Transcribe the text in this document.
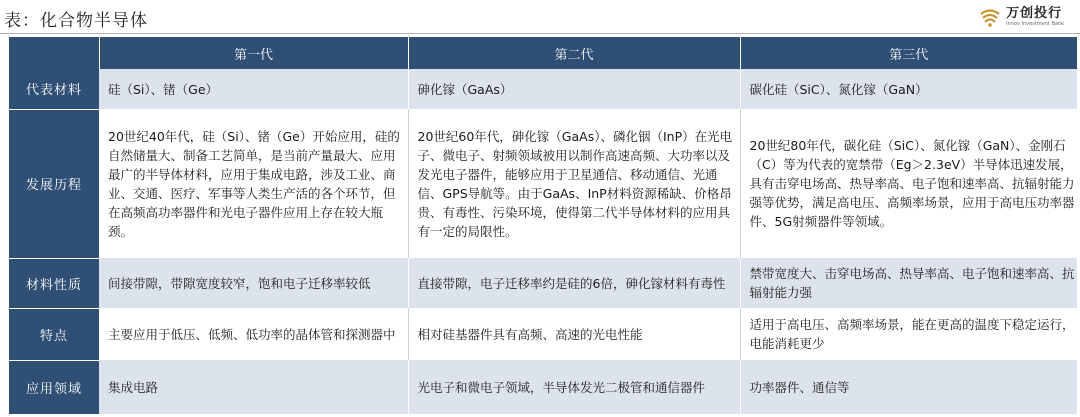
表：化合物半导体	万创投行
Innov Investment Bank
	第一代	第二代	第三代
代表材料	硅（Si）、锗（Ge）	砷化镓（GaAs）	碳化硅（SiC）、氮化镓（GaN）

发展历程	20世纪40年代，硅（Si）、锗（Ge）开始应用，硅的自然储量大、制备工艺简单，是当前产量最大、应用最广的半导体材料，应用于集成电路，涉及工业、商业、交通、医疗、军事等人类生产活的各个环节，但在高频高功率器件和光电子器件应用上存在较大瓶颈。	20世纪60年代，砷化镓（GaAs）、磷化铟（InP）在光电子、微电子、射频领域被用以制作高速高频、大功率以及发光电子器件，能够应用于卫星通信、移动通信、光通信、GPS导航等。由于GaAs、InP材料资源稀缺、价格昂贵、有毒性、污染环境，使得第二代半导体材料的应用具有一定的局限性。	20世纪80年代，碳化硅（SiC）、氮化镓（GaN）、金刚石（C）等为代表的宽禁带（Eg＞2.3eV）半导体迅速发展，具有击穿电场高、热导率高、电子饱和速率高、抗辐射能力强等优势，满足高电压、高频率场景，应用于高电压功率器件、5G射频器件等领域。

材料性质	间接带隙，带隙宽度较窄，饱和电子迁移率较低	直接带隙，电子迁移率约是硅的6倍，砷化镓材料有毒性	禁带宽度大、击穿电场高、热导率高、电子饱和速率高、抗辐射能力强

特点	主要应用于低压、低频、低功率的晶体管和探测器中	相对硅基器件具有高频、高速的光电性能	适用于高电压、高频率场景，能在更高的温度下稳定运行，电能消耗更少

应用领域	集成电路	光电子和微电子领域，半导体发光二极管和通信器件	功率器件、通信等
